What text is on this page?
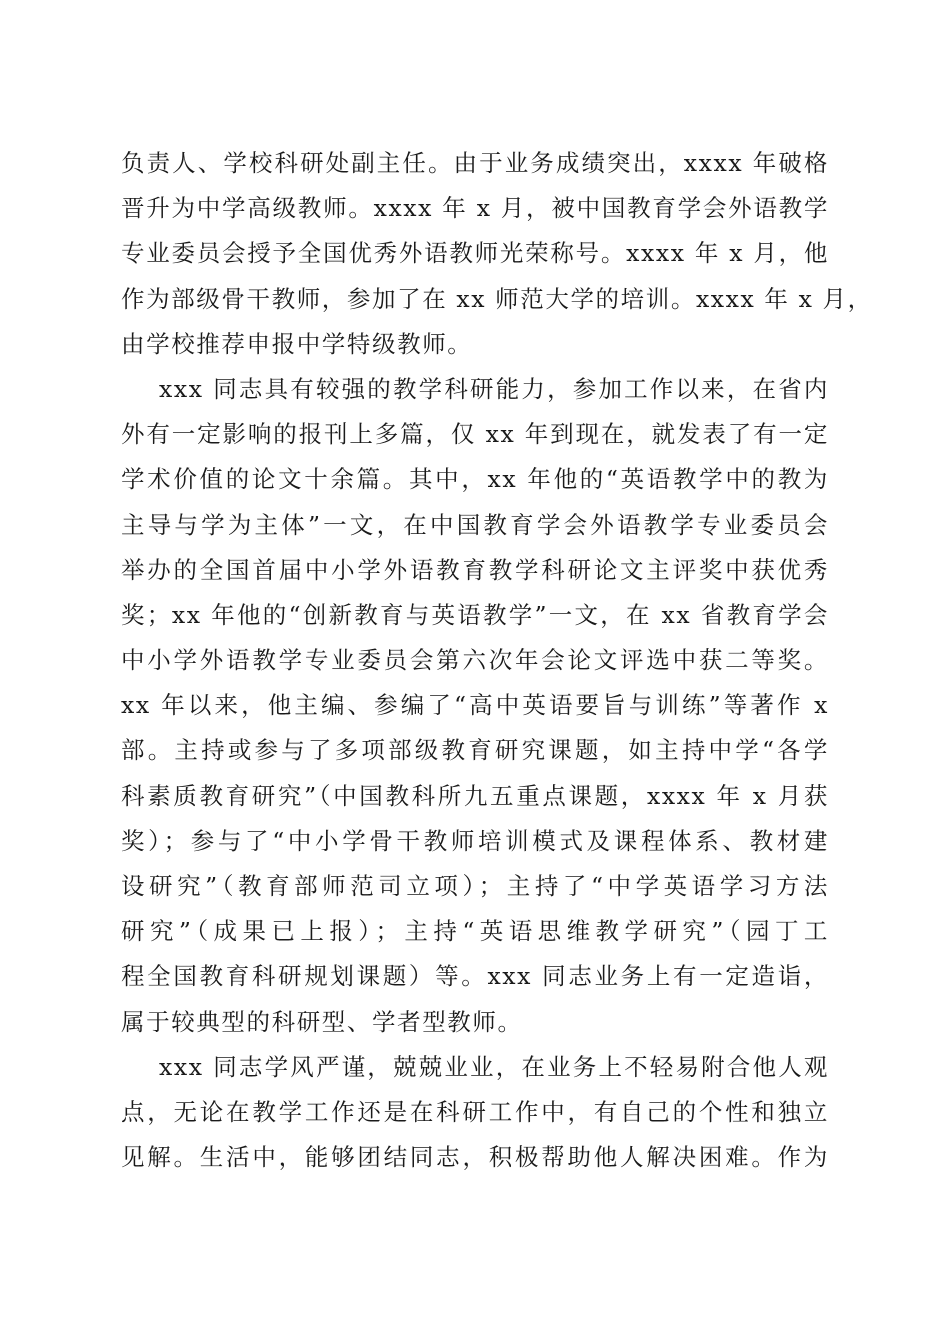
负责人、学校科研处副主任。由于业务成绩突出，xxxx 年破格
晋升为中学高级教师。xxxx 年 x 月，被中国教育学会外语教学
专业委员会授予全国优秀外语教师光荣称号。xxxx 年 x 月，他
作为部级骨干教师，参加了在 xx 师范大学的培训。xxxx 年 x 月，
由学校推荐申报中学特级教师。
xxx 同志具有较强的教学科研能力，参加工作以来，在省内
外有一定影响的报刊上多篇，仅 xx 年到现在，就发表了有一定
学术价值的论文十余篇。其中，xx 年他的“英语教学中的教为
主导与学为主体”一文，在中国教育学会外语教学专业委员会
举办的全国首届中小学外语教育教学科研论文主评奖中获优秀
奖；xx 年他的“创新教育与英语教学”一文，在 xx 省教育学会
中小学外语教学专业委员会第六次年会论文评选中获二等奖。
xx 年以来，他主编、参编了“高中英语要旨与训练”等著作 x
部。主持或参与了多项部级教育研究课题，如主持中学“各学
科素质教育研究”（中国教科所九五重点课题，xxxx 年 x 月获
奖）；参与了“中小学骨干教师培训模式及课程体系、教材建
设研究”（教育部师范司立项）；主持了“中学英语学习方法
研究”（成果已上报）；主持“英语思维教学研究”（园丁工
程全国教育科研规划课题）等。xxx 同志业务上有一定造诣，
属于较典型的科研型、学者型教师。
xxx 同志学风严谨，兢兢业业，在业务上不轻易附合他人观
点，无论在教学工作还是在科研工作中，有自己的个性和独立
见解。生活中，能够团结同志，积极帮助他人解决困难。作为
